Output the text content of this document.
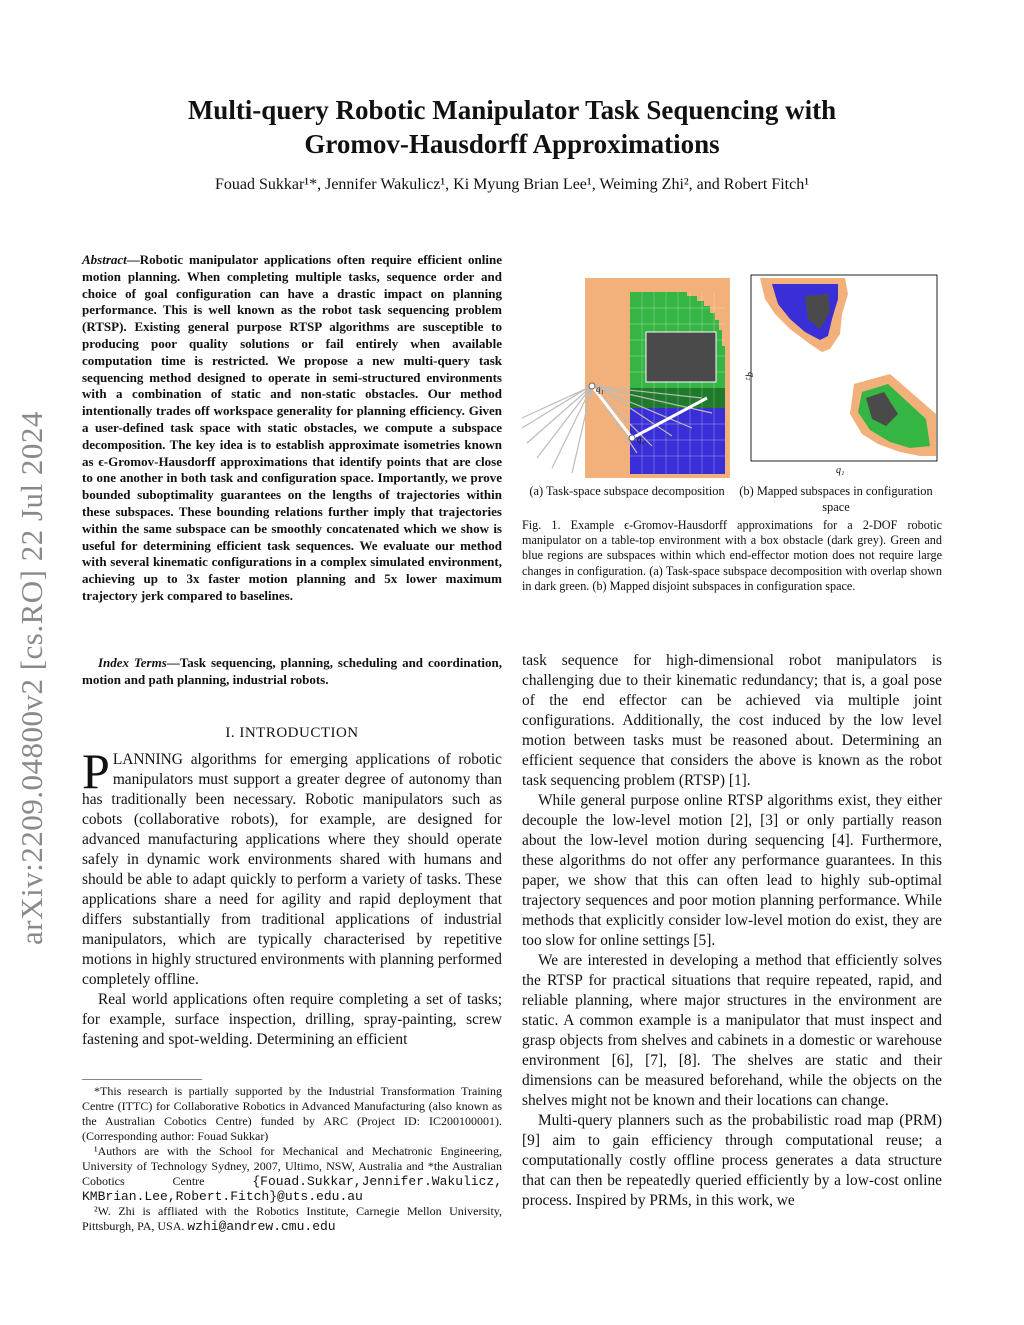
arXiv:2209.04800v2 [cs.RO] 22 Jul 2024
Multi-query Robotic Manipulator Task Sequencing with
Gromov-Hausdorff Approximations
Fouad Sukkar¹*, Jennifer Wakulicz¹, Ki Myung Brian Lee¹, Weiming Zhi², and Robert Fitch¹
Abstract—Robotic manipulator applications often require efficient online motion planning. When completing multiple tasks, sequence order and choice of goal configuration can have a drastic impact on planning performance. This is well known as the robot task sequencing problem (RTSP). Existing general purpose RTSP algorithms are susceptible to producing poor quality solutions or fail entirely when available computation time is restricted. We propose a new multi-query task sequencing method designed to operate in semi-structured environments with a combination of static and non-static obstacles. Our method intentionally trades off workspace generality for planning efficiency. Given a user-defined task space with static obstacles, we compute a subspace decomposition. The key idea is to establish approximate isometries known as ϵ-Gromov-Hausdorff approximations that identify points that are close to one another in both task and configuration space. Importantly, we prove bounded suboptimality guarantees on the lengths of trajectories within these subspaces. These bounding relations further imply that trajectories within the same subspace can be smoothly concatenated which we show is useful for determining efficient task sequences. We evaluate our method with several kinematic configurations in a complex simulated environment, achieving up to 3x faster motion planning and 5x lower maximum trajectory jerk compared to baselines.
Index Terms—Task sequencing, planning, scheduling and coordination, motion and path planning, industrial robots.
I. INTRODUCTION

PLANNING algorithms for emerging applications of robotic manipulators must support a greater degree of autonomy than has traditionally been necessary. Robotic manipulators such as cobots (collaborative robots), for example, are designed for advanced manufacturing applications where they should operate safely in dynamic work environments shared with humans and should be able to adapt quickly to perform a variety of tasks. These applications share a need for agility and rapid deployment that differs substantially from traditional applications of industrial manipulators, which are typically characterised by repetitive motions in highly structured environments with planning performed completely offline.

Real world applications often require completing a set of tasks; for example, surface inspection, drilling, spray-painting, screw fastening and spot-welding. Determining an efficient

*This research is partially supported by the Industrial Transformation Training Centre (ITTC) for Collaborative Robotics in Advanced Manufacturing (also known as the Australian Cobotics Centre) funded by ARC (Project ID: IC200100001). (Corresponding author: Fouad Sukkar)

¹Authors are with the School for Mechanical and Mechatronic Engineering, University of Technology Sydney, 2007, Ultimo, NSW, Australia and *the Australian Cobotics Centre	{Fouad.Sukkar,Jennifer.Wakulicz, KMBrian.Lee,Robert.Fitch}@uts.edu.au

²W. Zhi is affliated with the Robotics Institute, Carnegie Mellon University, Pittsburgh, PA, USA. wzhi@andrew.cmu.edu

q₁
q₂
q₁
q₂
(a) Task-space subspace decomposition	(b) Mapped subspaces in configuration space
Fig. 1. Example ϵ-Gromov-Hausdorff approximations for a 2-DOF robotic manipulator on a table-top environment with a box obstacle (dark grey). Green and blue regions are subspaces within which end-effector motion does not require large changes in configuration. (a) Task-space subspace decomposition with overlap shown in dark green. (b) Mapped disjoint subspaces in configuration space.

task sequence for high-dimensional robot manipulators is challenging due to their kinematic redundancy; that is, a goal pose of the end effector can be achieved via multiple joint configurations. Additionally, the cost induced by the low level motion between tasks must be reasoned about. Determining an efficient sequence that considers the above is known as the robot task sequencing problem (RTSP) [1].

While general purpose online RTSP algorithms exist, they either decouple the low-level motion [2], [3] or only partially reason about the low-level motion during sequencing [4]. Furthermore, these algorithms do not offer any performance guarantees. In this paper, we show that this can often lead to highly sub-optimal trajectory sequences and poor motion planning performance. While methods that explicitly consider low-level motion do exist, they are too slow for online settings [5].

We are interested in developing a method that efficiently solves the RTSP for practical situations that require repeated, rapid, and reliable planning, where major structures in the environment are static. A common example is a manipulator that must inspect and grasp objects from shelves and cabinets in a domestic or warehouse environment [6], [7], [8]. The shelves are static and their dimensions can be measured beforehand, while the objects on the shelves might not be known and their locations can change.

Multi-query planners such as the probabilistic road map (PRM) [9] aim to gain efficiency through computational reuse; a computationally costly offline process generates a data structure that can then be repeatedly queried efficiently by a low-cost online process. Inspired by PRMs, in this work, we
